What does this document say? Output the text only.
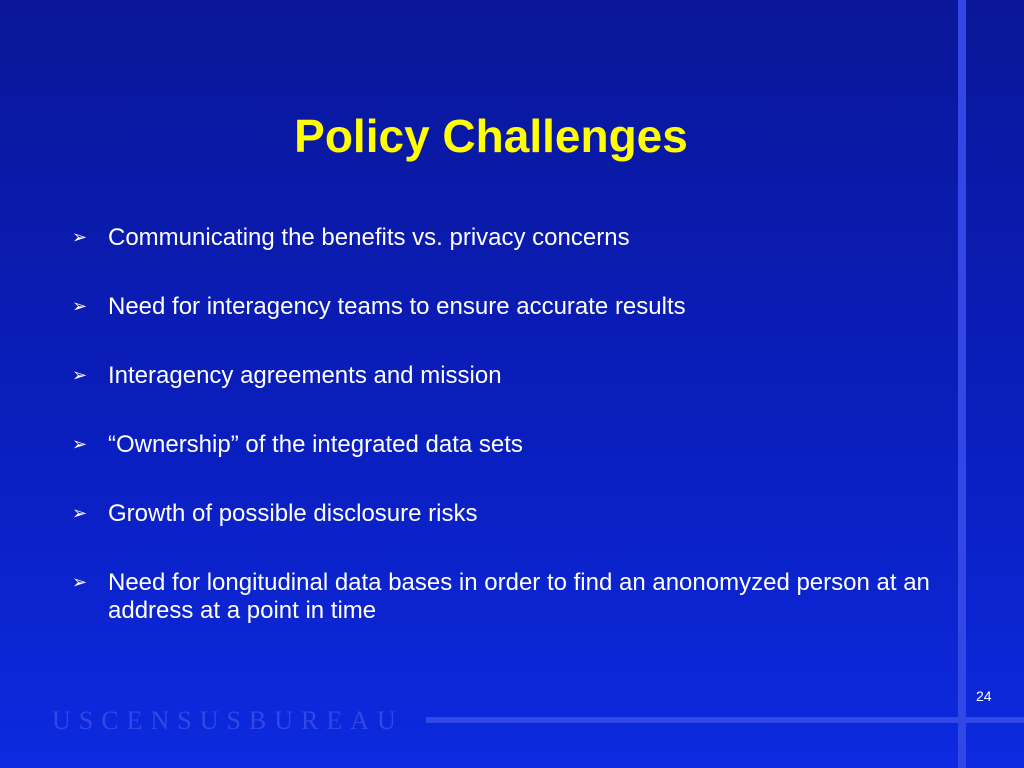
Policy Challenges
➢ Communicating the benefits vs. privacy concerns
➢ Need for interagency teams to ensure accurate results
➢ Interagency agreements and mission
➢ “Ownership” of the integrated data sets
➢ Growth of possible disclosure risks
➢ Need for longitudinal data bases in order to find an anonomyzed person at an address at a point in time
24
USCENSUSBUREAU
